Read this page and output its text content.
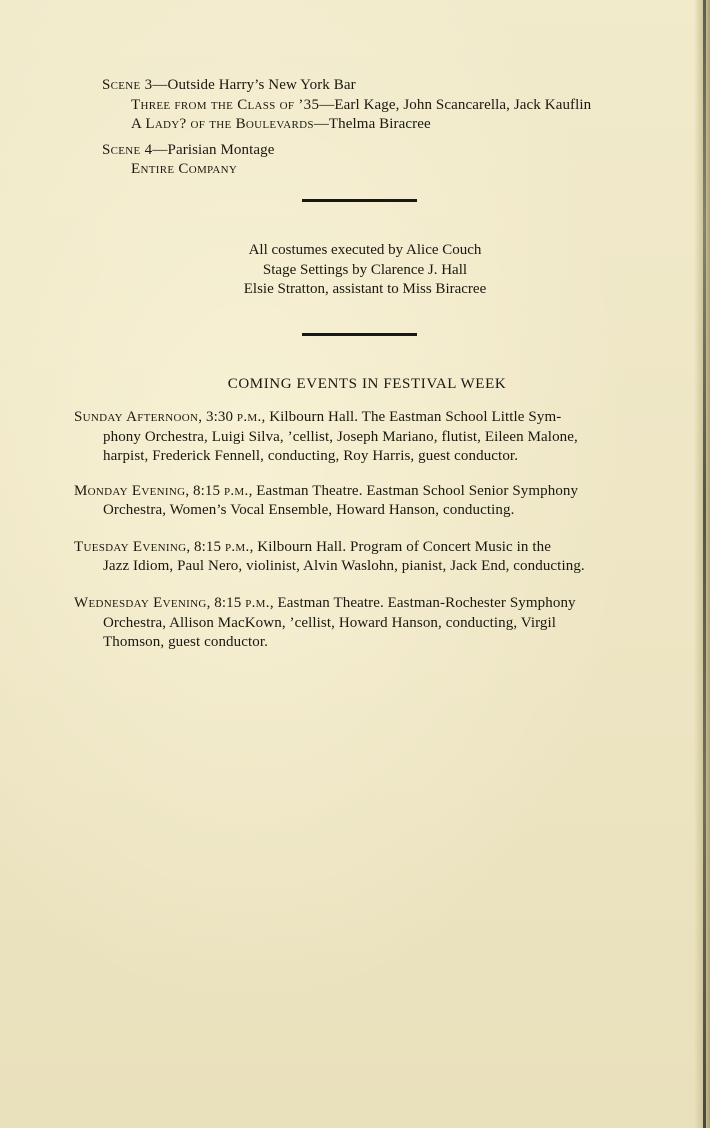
Scene 3—Outside Harry’s New York Bar
Three from the Class of ’35—Earl Kage, John Scancarella, Jack Kauflin
A Lady? of the Boulevards—Thelma Biracree
Scene 4—Parisian Montage
Entire Company
All costumes executed by Alice Couch
Stage Settings by Clarence J. Hall
Elsie Stratton, assistant to Miss Biracree
COMING EVENTS IN FESTIVAL WEEK
Sunday Afternoon, 3:30 p.m., Kilbourn Hall. The Eastman School Little Sym-
phony Orchestra, Luigi Silva, ’cellist, Joseph Mariano, flutist, Eileen Malone,
harpist, Frederick Fennell, conducting, Roy Harris, guest conductor.
Monday Evening, 8:15 p.m., Eastman Theatre. Eastman School Senior Symphony
Orchestra, Women’s Vocal Ensemble, Howard Hanson, conducting.
Tuesday Evening, 8:15 p.m., Kilbourn Hall. Program of Concert Music in the
Jazz Idiom, Paul Nero, violinist, Alvin Waslohn, pianist, Jack End, conducting.
Wednesday Evening, 8:15 p.m., Eastman Theatre. Eastman-Rochester Symphony
Orchestra, Allison MacKown, ’cellist, Howard Hanson, conducting, Virgil
Thomson, guest conductor.
